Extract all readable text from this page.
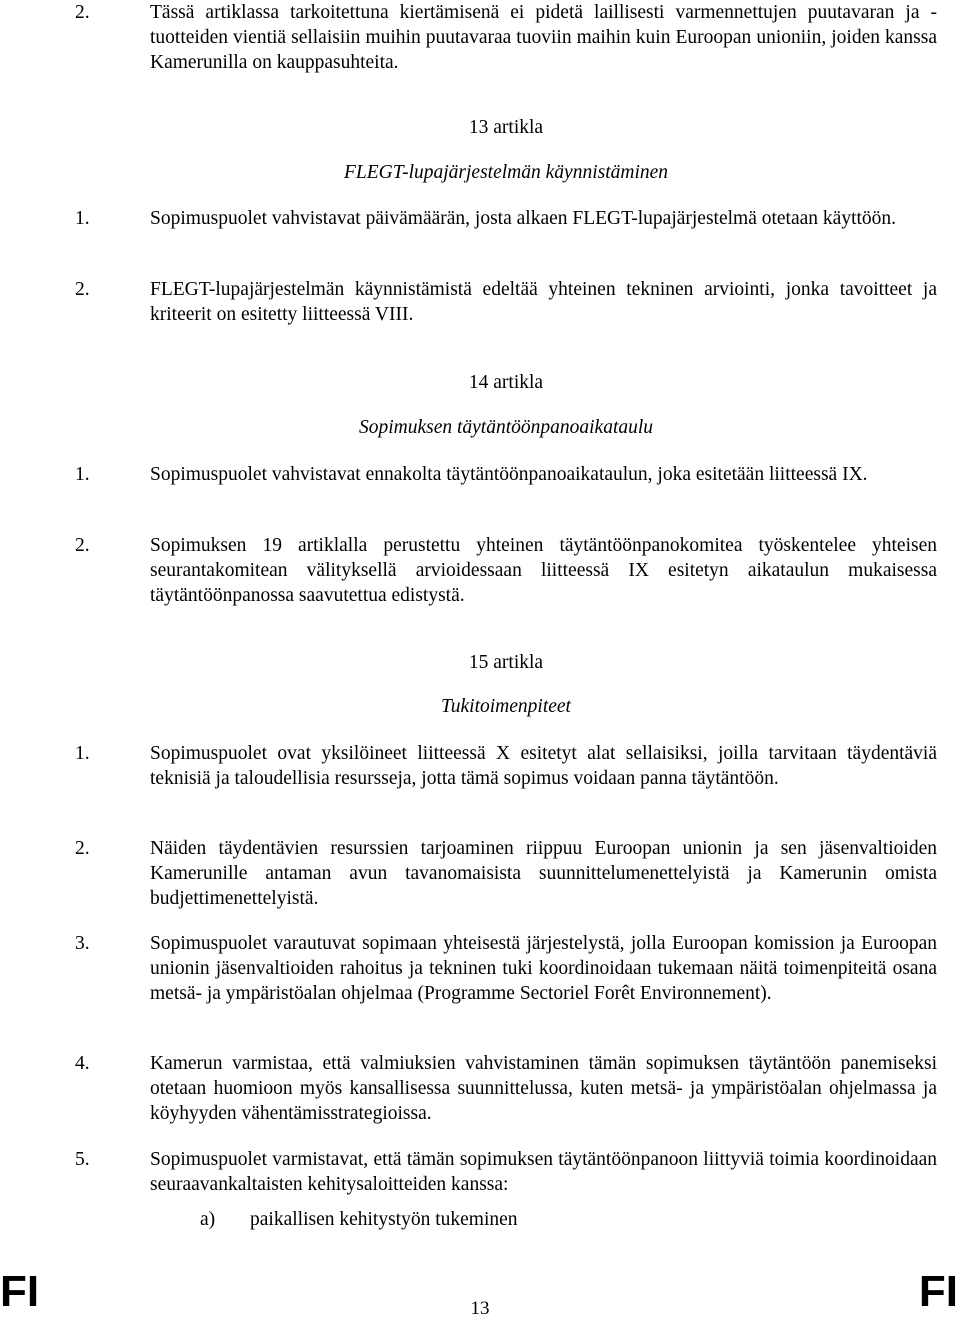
2.	Tässä artiklassa tarkoitettuna kiertämisenä ei pidetä laillisesti varmennettujen puutavaran ja -tuotteiden vientiä sellaisiin muihin puutavaraa tuoviin maihin kuin Euroopan unioniin, joiden kanssa Kamerunilla on kauppasuhteita.
13 artikla
FLEGT-lupajärjestelmän käynnistäminen
1.	Sopimuspuolet vahvistavat päivämäärän, josta alkaen FLEGT-lupajärjestelmä otetaan käyttöön.
2.	FLEGT-lupajärjestelmän käynnistämistä edeltää yhteinen tekninen arviointi, jonka tavoitteet ja kriteerit on esitetty liitteessä VIII.
14 artikla
Sopimuksen täytäntöönpanoaikataulu
1.	Sopimuspuolet vahvistavat ennakolta täytäntöönpanoaikataulun, joka esitetään liitteessä IX.
2.	Sopimuksen 19 artiklalla perustettu yhteinen täytäntöönpanokomitea työskentelee yhteisen seurantakomitean välityksellä arvioidessaan liitteessä IX esitetyn aikataulun mukaisessa täytäntöönpanossa saavutettua edistystä.
15 artikla
Tukitoimenpiteet
1.	Sopimuspuolet ovat yksilöineet liitteessä X esitetyt alat sellaisiksi, joilla tarvitaan täydentäviä teknisiä ja taloudellisia resursseja, jotta tämä sopimus voidaan panna täytäntöön.
2.	Näiden täydentävien resurssien tarjoaminen riippuu Euroopan unionin ja sen jäsenvaltioiden Kamerunille antaman avun tavanomaisista suunnittelumenettelyistä ja Kamerunin omista budjettimenettelyistä.
3.	Sopimuspuolet varautuvat sopimaan yhteisestä järjestelystä, jolla Euroopan komission ja Euroopan unionin jäsenvaltioiden rahoitus ja tekninen tuki koordinoidaan tukemaan näitä toimenpiteitä osana metsä- ja ympäristöalan ohjelmaa (Programme Sectoriel Forêt Environnement).
4.	Kamerun varmistaa, että valmiuksien vahvistaminen tämän sopimuksen täytäntöön panemiseksi otetaan huomioon myös kansallisessa suunnittelussa, kuten metsä- ja ympäristöalan ohjelmassa ja köyhyyden vähentämisstrategioissa.
5.	Sopimuspuolet varmistavat, että tämän sopimuksen täytäntöönpanoon liittyviä toimia koordinoidaan seuraavankaltaisten kehitysaloitteiden kanssa:
a) paikallisen kehitystyön tukeminen
FI	13	FI
